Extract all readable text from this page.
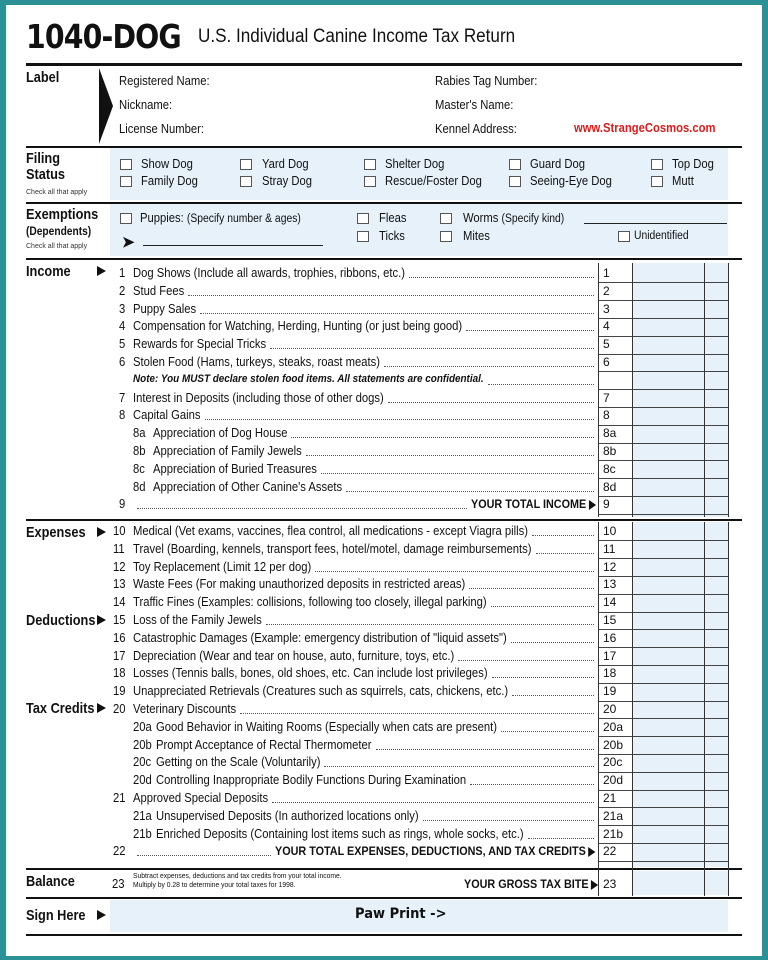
1040-DOG U.S. Individual Canine Income Tax Return
Label	Registered Name:
Nickname:
License Number:
Rabies Tag Number:
Master's Name:
Kennel Address:	www.StrangeCosmos.com
Filing
Status
Check all that apply
Show Dog
Family Dog
Yard Dog
Stray Dog
Shelter Dog
Rescue/Foster Dog
Guard Dog
Seeing-Eye Dog
Top Dog
Mutt
Exemptions
(Dependents)
Check all that apply
Puppies: (Specify number & ages)
➤
Fleas
Ticks
Worms (Specify kind)
Mites	Unidentified
Income	1 Dog Shows (Include all awards, trophies, ribbons, etc.)	1
2 Stud Fees	2
3 Puppy Sales	3
4 Compensation for Watching, Herding, Hunting (or just being good)	4
5 Rewards for Special Tricks	5
6 Stolen Food (Hams, turkeys, steaks, roast meats)	6
Note: You MUST declare stolen food items. All statements are confidential.
7 Interest in Deposits (including those of other dogs)	7
8 Capital Gains	8
8a Appreciation of Dog House	8a
8b Appreciation of Family Jewels	8b
8c Appreciation of Buried Treasures	8c
8d Appreciation of Other Canine's Assets	8d
9	YOUR TOTAL INCOME	9
Expenses
Deductions
Tax Credits
10 Medical (Vet exams, vaccines, flea control, all medications - except Viagra pills)	10
11 Travel (Boarding, kennels, transport fees, hotel/motel, damage reimbursements)	11
12 Toy Replacement (Limit 12 per dog)	12
13 Waste Fees (For making unauthorized deposits in restricted areas)	13
14 Traffic Fines (Examples: collisions, following too closely, illegal parking)	14
15 Loss of the Family Jewels	15
16 Catastrophic Damages (Example: emergency distribution of "liquid assets")	16
17 Depreciation (Wear and tear on house, auto, furniture, toys, etc.)	17
18 Losses (Tennis balls, bones, old shoes, etc. Can include lost privileges)	18
19 Unappreciated Retrievals (Creatures such as squirrels, cats, chickens, etc.)	19
20 Veterinary Discounts	20
20a Good Behavior in Waiting Rooms (Especially when cats are present)	20a
20b Prompt Acceptance of Rectal Thermometer	20b
20c Getting on the Scale (Voluntarily)	20c
20d Controlling Inappropriate Bodily Functions During Examination	20d
21 Approved Special Deposits	21
21a Unsupervised Deposits (In authorized locations only)	21a
21b Enriched Deposits (Containing lost items such as rings, whole socks, etc.)	21b
22	YOUR TOTAL EXPENSES, DEDUCTIONS, AND TAX CREDITS	22
Balance	23
Subtract expenses, deductions and tax credits from your total income.
Multiply by 0.28 to determine your total taxes for 1998.	YOUR GROSS TAX BITE	23
Sign Here	Paw Print ->
